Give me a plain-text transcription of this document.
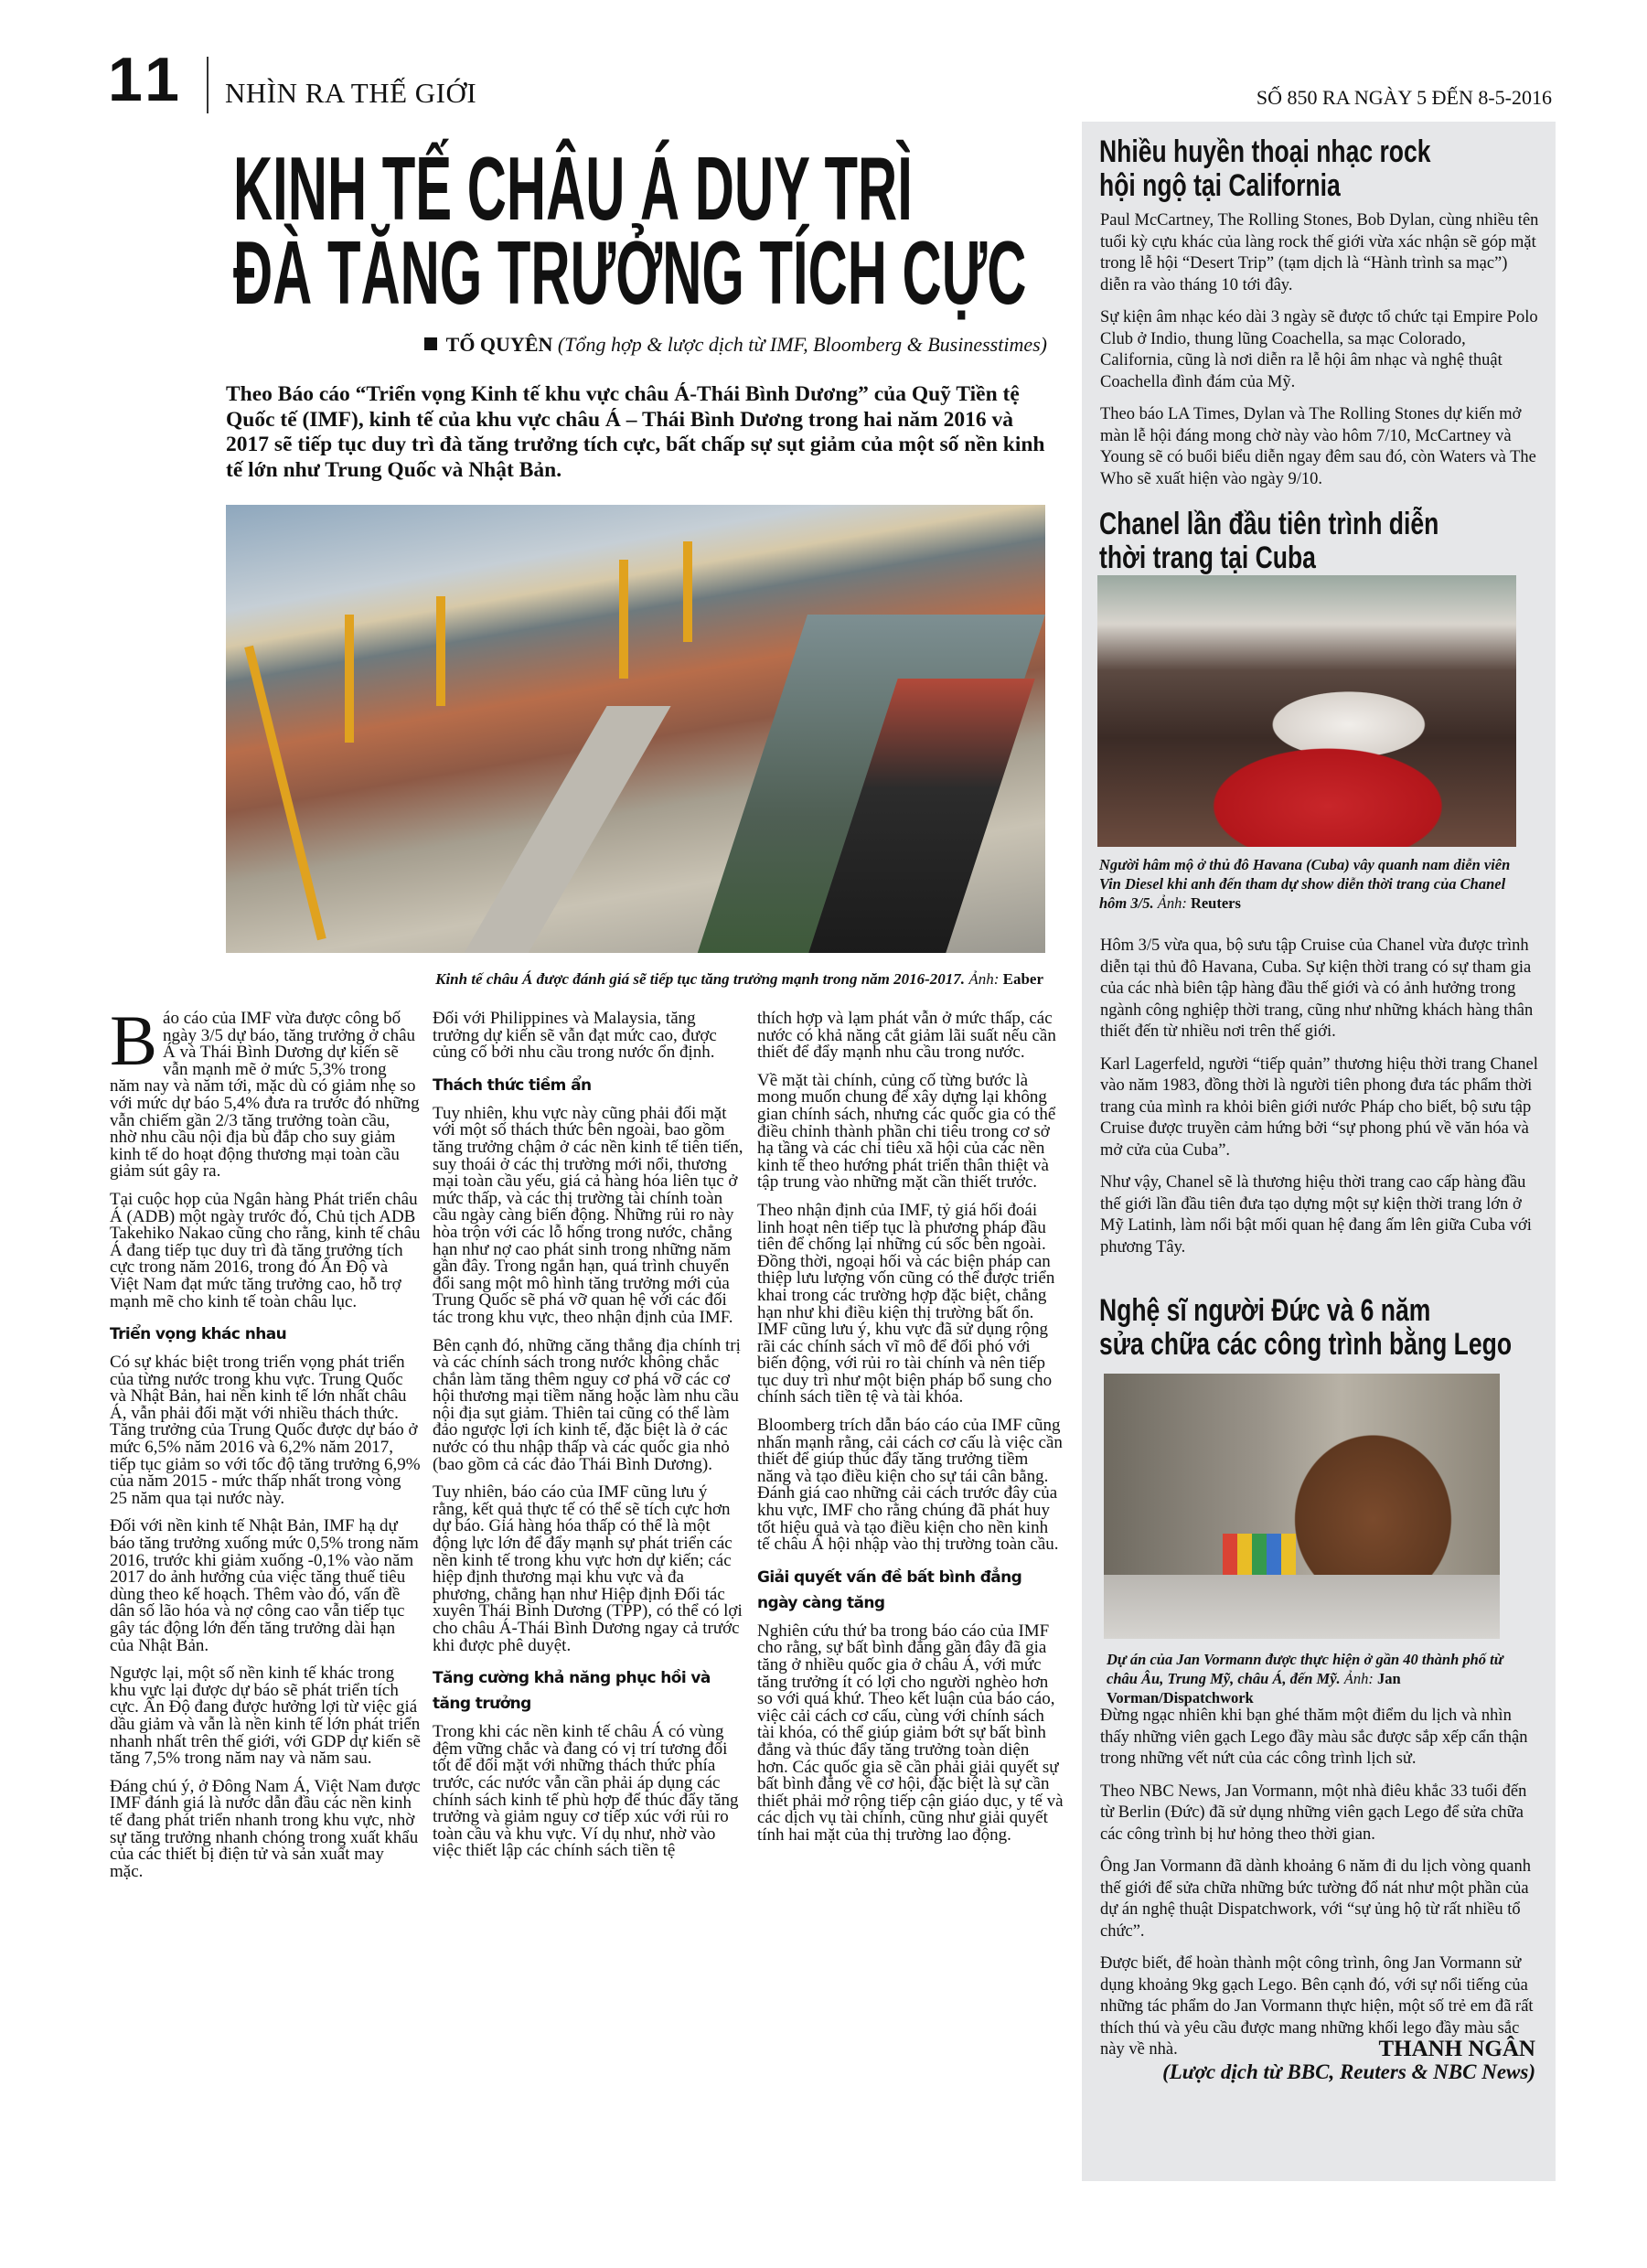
11 NHÌN RA THẾ GIỚI	SỐ 850 RA NGÀY 5 ĐẾN 8-5-2016
KINH TẾ CHÂU Á DUY TRÌ
ĐÀ TĂNG TRƯỞNG TÍCH CỰC
TỐ QUYÊN (Tổng hợp & lược dịch từ IMF, Bloomberg & Businesstimes)
Theo Báo cáo “Triển vọng Kinh tế khu vực châu Á-Thái Bình Dương” của Quỹ Tiền tệ Quốc tế (IMF), kinh tế của khu vực châu Á – Thái Bình Dương trong hai năm 2016 và 2017 sẽ tiếp tục duy trì đà tăng trưởng tích cực, bất chấp sự sụt giảm của một số nền kinh tế lớn như Trung Quốc và Nhật Bản.
Kinh tế châu Á được đánh giá sẽ tiếp tục tăng trưởng mạnh trong năm 2016-2017. Ảnh: Eaber

Báo cáo của IMF vừa được công bố ngày 3/5 dự báo, tăng trưởng ở châu Á và Thái Bình Dương dự kiến sẽ vẫn mạnh mẽ ở mức 5,3% trong năm nay và năm tới, mặc dù có giảm nhẹ so với mức dự báo 5,4% đưa ra trước đó những vẫn chiếm gần 2/3 tăng trưởng toàn cầu, nhờ nhu cầu nội địa bù đắp cho suy giảm kinh tế do hoạt động thương mại toàn cầu giảm sút gây ra.

Tại cuộc họp của Ngân hàng Phát triển châu Á (ADB) một ngày trước đó, Chủ tịch ADB Takehiko Nakao cũng cho rằng, kinh tế châu Á đang tiếp tục duy trì đà tăng trưởng tích cực trong năm 2016, trong đó Ấn Độ và Việt Nam đạt mức tăng trưởng cao, hỗ trợ mạnh mẽ cho kinh tế toàn châu lục.

Triển vọng khác nhau

Có sự khác biệt trong triển vọng phát triển của từng nước trong khu vực. Trung Quốc và Nhật Bản, hai nền kinh tế lớn nhất châu Á, vẫn phải đối mặt với nhiều thách thức. Tăng trưởng của Trung Quốc được dự báo ở mức 6,5% năm 2016 và 6,2% năm 2017, tiếp tục giảm so với tốc độ tăng trưởng 6,9% của năm 2015 - mức thấp nhất trong vòng 25 năm qua tại nước này.

Đối với nền kinh tế Nhật Bản, IMF hạ dự báo tăng trưởng xuống mức 0,5% trong năm 2016, trước khi giảm xuống -0,1% vào năm 2017 do ảnh hưởng của việc tăng thuế tiêu dùng theo kế hoạch. Thêm vào đó, vấn đề dân số lão hóa và nợ công cao vẫn tiếp tục gây tác động lớn đến tăng trưởng dài hạn của Nhật Bản.

Ngược lại, một số nền kinh tế khác trong khu vực lại được dự báo sẽ phát triển tích cực. Ấn Độ đang được hưởng lợi từ việc giá dầu giảm và vẫn là nền kinh tế lớn phát triển nhanh nhất trên thế giới, với GDP dự kiến sẽ tăng 7,5% trong năm nay và năm sau.

Đáng chú ý, ở Đông Nam Á, Việt Nam được IMF đánh giá là nước dẫn đầu các nền kinh tế đang phát triển nhanh trong khu vực, nhờ sự tăng trưởng nhanh chóng trong xuất khẩu của các thiết bị điện tử và sản xuất may mặc.

Đối với Philippines và Malaysia, tăng trưởng dự kiến sẽ vẫn đạt mức cao, được củng cố bởi nhu cầu trong nước ổn định.

Thách thức tiềm ẩn

Tuy nhiên, khu vực này cũng phải đối mặt với một số thách thức bên ngoài, bao gồm tăng trưởng chậm ở các nền kinh tế tiên tiến, suy thoái ở các thị trường mới nổi, thương mại toàn cầu yếu, giá cả hàng hóa liên tục ở mức thấp, và các thị trường tài chính toàn cầu ngày càng biến động. Những rủi ro này hòa trộn với các lỗ hổng trong nước, chẳng hạn như nợ cao phát sinh trong những năm gần đây. Trong ngắn hạn, quá trình chuyển đổi sang một mô hình tăng trưởng mới của Trung Quốc sẽ phá vỡ quan hệ với các đối tác trong khu vực, theo nhận định của IMF.

Bên cạnh đó, những căng thẳng địa chính trị và các chính sách trong nước không chắc chắn làm tăng thêm nguy cơ phá vỡ các cơ hội thương mại tiềm năng hoặc làm nhu cầu nội địa sụt giảm. Thiên tai cũng có thể làm đảo ngược lợi ích kinh tế, đặc biệt là ở các nước có thu nhập thấp và các quốc gia nhỏ (bao gồm cả các đảo Thái Bình Dương).

Tuy nhiên, báo cáo của IMF cũng lưu ý rằng, kết quả thực tế có thể sẽ tích cực hơn dự báo. Giá hàng hóa thấp có thể là một động lực lớn để đẩy mạnh sự phát triển các nền kinh tế trong khu vực hơn dự kiến; các hiệp định thương mại khu vực và đa phương, chẳng hạn như Hiệp định Đối tác xuyên Thái Bình Dương (TPP), có thể có lợi cho châu Á-Thái Bình Dương ngay cả trước khi được phê duyệt.

Tăng cường khả năng phục hồi và tăng trưởng

Trong khi các nền kinh tế châu Á có vùng đệm vững chắc và đang có vị trí tương đối tốt để đối mặt với những thách thức phía trước, các nước vẫn cần phải áp dụng các chính sách kinh tế phù hợp để thúc đẩy tăng trưởng và giảm nguy cơ tiếp xúc với rủi ro toàn cầu và khu vực. Ví dụ như, nhờ vào việc thiết lập các chính sách tiền tệ

thích hợp và lạm phát vẫn ở mức thấp, các nước có khả năng cắt giảm lãi suất nếu cần thiết để đẩy mạnh nhu cầu trong nước.

Về mặt tài chính, củng cố từng bước là mong muốn chung để xây dựng lại không gian chính sách, nhưng các quốc gia có thể điều chỉnh thành phần chi tiêu trong cơ sở hạ tầng và các chi tiêu xã hội của các nền kinh tế theo hướng phát triển thân thiệt và tập trung vào những mặt cần thiết trước.

Theo nhận định của IMF, tỷ giá hối đoái linh hoạt nên tiếp tục là phương pháp đầu tiên để chống lại những cú sốc bên ngoài. Đồng thời, ngoại hối và các biện pháp can thiệp lưu lượng vốn cũng có thể được triển khai trong các trường hợp đặc biệt, chẳng hạn như khi điều kiện thị trường bất ổn. IMF cũng lưu ý, khu vực đã sử dụng rộng rãi các chính sách vĩ mô để đối phó với biến động, với rủi ro tài chính và nên tiếp tục duy trì như một biện pháp bổ sung cho chính sách tiền tệ và tài khóa.

Bloomberg trích dẫn báo cáo của IMF cũng nhấn mạnh rằng, cải cách cơ cấu là việc cần thiết để giúp thúc đẩy tăng trưởng tiềm năng và tạo điều kiện cho sự tái cân bằng. Đánh giá cao những cải cách trước đây của khu vực, IMF cho rằng chúng đã phát huy tốt hiệu quả và tạo điều kiện cho nền kinh tế châu Á hội nhập vào thị trường toàn cầu.

Giải quyết vấn đề bất bình đẳng ngày càng tăng

Nghiên cứu thứ ba trong báo cáo của IMF cho rằng, sự bất bình đẳng gần đây đã gia tăng ở nhiều quốc gia ở châu Á, với mức tăng trưởng ít có lợi cho người nghèo hơn so với quá khứ. Theo kết luận của báo cáo, việc cải cách cơ cấu, cùng với chính sách tài khóa, có thể giúp giảm bớt sự bất bình đẳng và thúc đẩy tăng trưởng toàn diện hơn. Các quốc gia sẽ cần phải giải quyết sự bất bình đẳng về cơ hội, đặc biệt là sự cần thiết phải mở rộng tiếp cận giáo dục, y tế và các dịch vụ tài chính, cũng như giải quyết tính hai mặt của thị trường lao động.

Nhiều huyền thoại nhạc rock
hội ngộ tại California

Paul McCartney, The Rolling Stones, Bob Dylan, cùng nhiều tên tuổi kỳ cựu khác của làng rock thế giới vừa xác nhận sẽ góp mặt trong lễ hội “Desert Trip” (tạm dịch là “Hành trình sa mạc”) diễn ra vào tháng 10 tới đây.

Sự kiện âm nhạc kéo dài 3 ngày sẽ được tổ chức tại Empire Polo Club ở Indio, thung lũng Coachella, sa mạc Colorado, California, cũng là nơi diễn ra lễ hội âm nhạc và nghệ thuật Coachella đình đám của Mỹ.

Theo báo LA Times, Dylan và The Rolling Stones dự kiến mở màn lễ hội đáng mong chờ này vào hôm 7/10, McCartney và Young sẽ có buổi biểu diễn ngay đêm sau đó, còn Waters và The Who sẽ xuất hiện vào ngày 9/10.

Chanel lần đầu tiên trình diễn
thời trang tại Cuba
Người hâm mộ ở thủ đô Havana (Cuba) vây quanh nam diễn viên Vin Diesel khi anh đến tham dự show diễn thời trang của Chanel hôm 3/5. Ảnh: Reuters

Hôm 3/5 vừa qua, bộ sưu tập Cruise của Chanel vừa được trình diễn tại thủ đô Havana, Cuba. Sự kiện thời trang có sự tham gia của các nhà biên tập hàng đầu thế giới và có ảnh hưởng trong ngành công nghiệp thời trang, cũng như những khách hàng thân thiết đến từ nhiều nơi trên thế giới.

Karl Lagerfeld, người “tiếp quản” thương hiệu thời trang Chanel vào năm 1983, đồng thời là người tiên phong đưa tác phẩm thời trang của mình ra khỏi biên giới nước Pháp cho biết, bộ sưu tập Cruise được truyền cảm hứng bởi “sự phong phú về văn hóa và mở cửa của Cuba”.

Như vậy, Chanel sẽ là thương hiệu thời trang cao cấp hàng đầu thế giới lần đầu tiên đưa tạo dựng một sự kiện thời trang lớn ở Mỹ Latinh, làm nổi bật mối quan hệ đang ấm lên giữa Cuba với phương Tây.

Nghệ sĩ người Đức và 6 năm
sửa chữa các công trình bằng Lego
Dự án của Jan Vormann được thực hiện ở gần 40 thành phố từ châu Âu, Trung Mỹ, châu Á, đến Mỹ. Ảnh: Jan Vorman/Dispatchwork

Đừng ngạc nhiên khi bạn ghé thăm một điểm du lịch và nhìn thấy những viên gạch Lego đầy màu sắc được sắp xếp cẩn thận trong những vết nứt của các công trình lịch sử.

Theo NBC News, Jan Vormann, một nhà điêu khắc 33 tuổi đến từ Berlin (Đức) đã sử dụng những viên gạch Lego để sửa chữa các công trình bị hư hỏng theo thời gian.

Ông Jan Vormann đã dành khoảng 6 năm đi du lịch vòng quanh thế giới để sửa chữa những bức tường đổ nát như một phần của dự án nghệ thuật Dispatchwork, với “sự ủng hộ từ rất nhiều tổ chức”.

Được biết, để hoàn thành một công trình, ông Jan Vormann sử dụng khoảng 9kg gạch Lego. Bên cạnh đó, với sự nổi tiếng của những tác phẩm do Jan Vormann thực hiện, một số trẻ em đã rất thích thú và yêu cầu được mang những khối lego đầy màu sắc này về nhà.	THANH NGÂN
(Lược dịch từ BBC, Reuters & NBC News)
